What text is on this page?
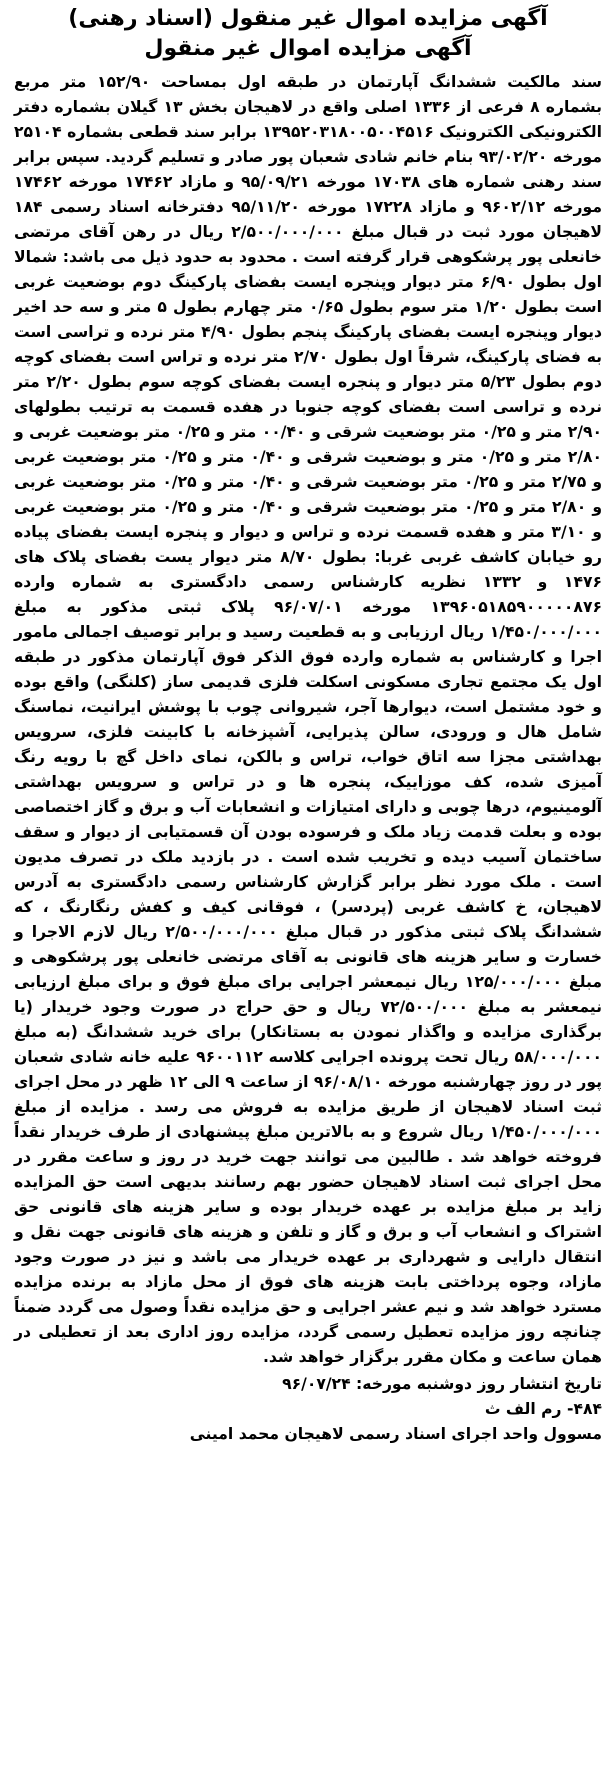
آگهی مزایده اموال غیر منقول (اسناد رهنی)
آگهی مزایده اموال غیر منقول
سند مالکیت ششدانگ آپارتمان در طبقه اول بمساحت ۱۵۲/۹۰ متر مربع بشماره ۸ فرعی از ۱۳۳۶ اصلی واقع در لاهیجان بخش ۱۳ گیلان بشماره دفتر الکترونیکی الکترونیک ۱۳۹۵۲۰۳۱۸۰۰۵۰۰۴۵۱۶ برابر سند قطعی بشماره ۲۵۱۰۴ مورخه ۹۳/۰۲/۲۰ بنام خانم شادی شعبان پور صادر و تسلیم گردید. سپس برابر سند رهنی شماره های ۱۷۰۳۸ مورخه ۹۵/۰۹/۲۱ و مازاد ۱۷۴۶۲ مورخه ۱۷۴۶۲ مورخه ۹۶۰۲/۱۲ و مازاد ۱۷۲۲۸ مورخه ۹۵/۱۱/۲۰ دفترخانه اسناد رسمی ۱۸۴ لاهیجان مورد ثبت در قبال مبلغ ۲/۵۰۰/۰۰۰/۰۰۰ ریال در رهن آقای مرتضی خانعلی پور پرشکوهی قرار گرفته است . محدود به حدود ذیل می باشد: شمالا اول بطول ۶/۹۰ متر دیوار وپنجره ایست بفضای پارکینگ دوم بوضعیت غربی است بطول ۱/۲۰ متر سوم بطول ۰/۶۵ متر چهارم بطول ۵ متر و سه حد اخیر دیوار وپنجره ایست بفضای پارکینگ پنجم بطول ۴/۹۰ متر نرده و تراسی است به فضای پارکینگ، شرقاً اول بطول ۲/۷۰ متر نرده و تراس است بفضای کوچه دوم بطول ۵/۲۳ متر دیوار و پنجره ایست بفضای کوچه سوم بطول ۲/۲۰ متر نرده و تراسی است بفضای کوچه جنوبا در هفده قسمت به ترتیب بطولهای ۲/۹۰ متر و ۰/۲۵ متر بوضعیت شرقی و ۰۰/۴۰ متر و ۰/۲۵ متر بوضعیت غربی و ۲/۸۰ متر و ۰/۲۵ متر و بوضعیت شرقی و ۰/۴۰ متر و ۰/۲۵ متر بوضعیت غربی و ۲/۷۵ متر و ۰/۲۵ متر بوضعیت شرقی و ۰/۴۰ متر و ۰/۲۵ متر بوضعیت غربی و ۲/۸۰ متر و ۰/۲۵ متر بوضعیت شرقی و ۰/۴۰ متر و ۰/۲۵ متر بوضعیت غربی و ۳/۱۰ متر و هفده قسمت نرده و تراس و دیوار و پنجره ایست بفضای پیاده رو خیابان کاشف غربی غربا: بطول ۸/۷۰ متر دیوار یست بفضای پلاک های ۱۴۷۶ و ۱۳۳۲ نظریه کارشناس رسمی دادگستری به شماره وارده ۱۳۹۶۰۵۱۸۵۹۰۰۰۰۰۸۷۶ مورخه ۹۶/۰۷/۰۱ پلاک ثبتی مذکور به مبلغ ۱/۴۵۰/۰۰۰/۰۰۰ ریال ارزیابی و به قطعیت رسید و برابر توصیف اجمالی مامور اجرا و کارشناس به شماره وارده فوق الذکر فوق آپارتمان مذکور در طبقه اول یک مجتمع تجاری مسکونی اسکلت فلزی قدیمی ساز (کلنگی) واقع بوده و خود مشتمل است، دیوارها آجر، شیروانی چوب با پوشش ایرانیت، نماسنگ شامل هال و ورودی، سالن پذیرایی، آشپزخانه با کابینت فلزی، سرویس بهداشتی مجزا سه اتاق خواب، تراس و بالکن، نمای داخل گچ با رویه رنگ آمیزی شده، کف موزاییک، پنجره ها و در تراس و سرویس بهداشتی آلومینیوم، درها چوبی و دارای امتیازات و انشعابات آب و برق و گاز اختصاصی بوده و بعلت قدمت زیاد ملک و فرسوده بودن آن قسمتیابی از دیوار و سقف ساختمان آسیب دیده و تخریب شده است . در بازدید ملک در تصرف مدیون است . ملک مورد نظر برابر گزارش کارشناس رسمی دادگستری به آدرس لاهیجان، خ کاشف غربی (پردسر) ، فوقانی کیف و کفش رنگارنگ ، که ششدانگ پلاک ثبتی مذکور در قبال مبلغ ۲/۵۰۰/۰۰۰/۰۰۰ ریال لازم الاجرا و خسارت و سایر هزینه های قانونی به آقای مرتضی خانعلی پور پرشکوهی و مبلغ ۱۲۵/۰۰۰/۰۰۰ ریال نیمعشر اجرایی برای مبلغ فوق و برای مبلغ ارزیابی نیمعشر به مبلغ ۷۲/۵۰۰/۰۰۰ ریال و حق حراج در صورت وجود خریدار (یا برگذاری مزایده و واگذار نمودن به بستانکار) برای خرید ششدانگ (به مبلغ ۵۸/۰۰۰/۰۰۰ ریال تحت پرونده اجرایی کلاسه ۹۶۰۰۱۱۲ علیه خانه شادی شعبان پور در روز چهارشنبه مورخه ۹۶/۰۸/۱۰ از ساعت ۹ الی ۱۲ ظهر در محل اجرای ثبت اسناد لاهیجان از طریق مزایده به فروش می رسد . مزایده از مبلغ ۱/۴۵۰/۰۰۰/۰۰۰ ریال شروع و به بالاترین مبلغ پیشنهادی از طرف خریدار نقداً فروخته خواهد شد . طالبین می توانند جهت خرید در روز و ساعت مقرر در محل اجرای ثبت اسناد لاهیجان حضور بهم رسانند بدیهی است حق المزایده زاید بر مبلغ مزایده بر عهده خریدار بوده و سایر هزینه های قانونی حق اشتراک و انشعاب آب و برق و گاز و تلفن و هزینه های قانونی جهت نقل و انتقال دارایی و شهرداری بر عهده خریدار می باشد و نیز در صورت وجود مازاد، وجوه پرداختی بابت هزینه های فوق از محل مازاد به برنده مزایده مسترد خواهد شد و نیم عشر اجرایی و حق مزایده نقداً وصول می گردد ضمناً چنانچه روز مزایده تعطیل رسمی گردد، مزایده روز اداری بعد از تعطیلی در همان ساعت و مکان مقرر برگزار خواهد شد.
تاریخ انتشار روز دوشنبه مورخه: ۹۶/۰۷/۲۴
۴۸۴- رم الف ث
مسوول واحد اجرای اسناد رسمی لاهیجان محمد امینی
